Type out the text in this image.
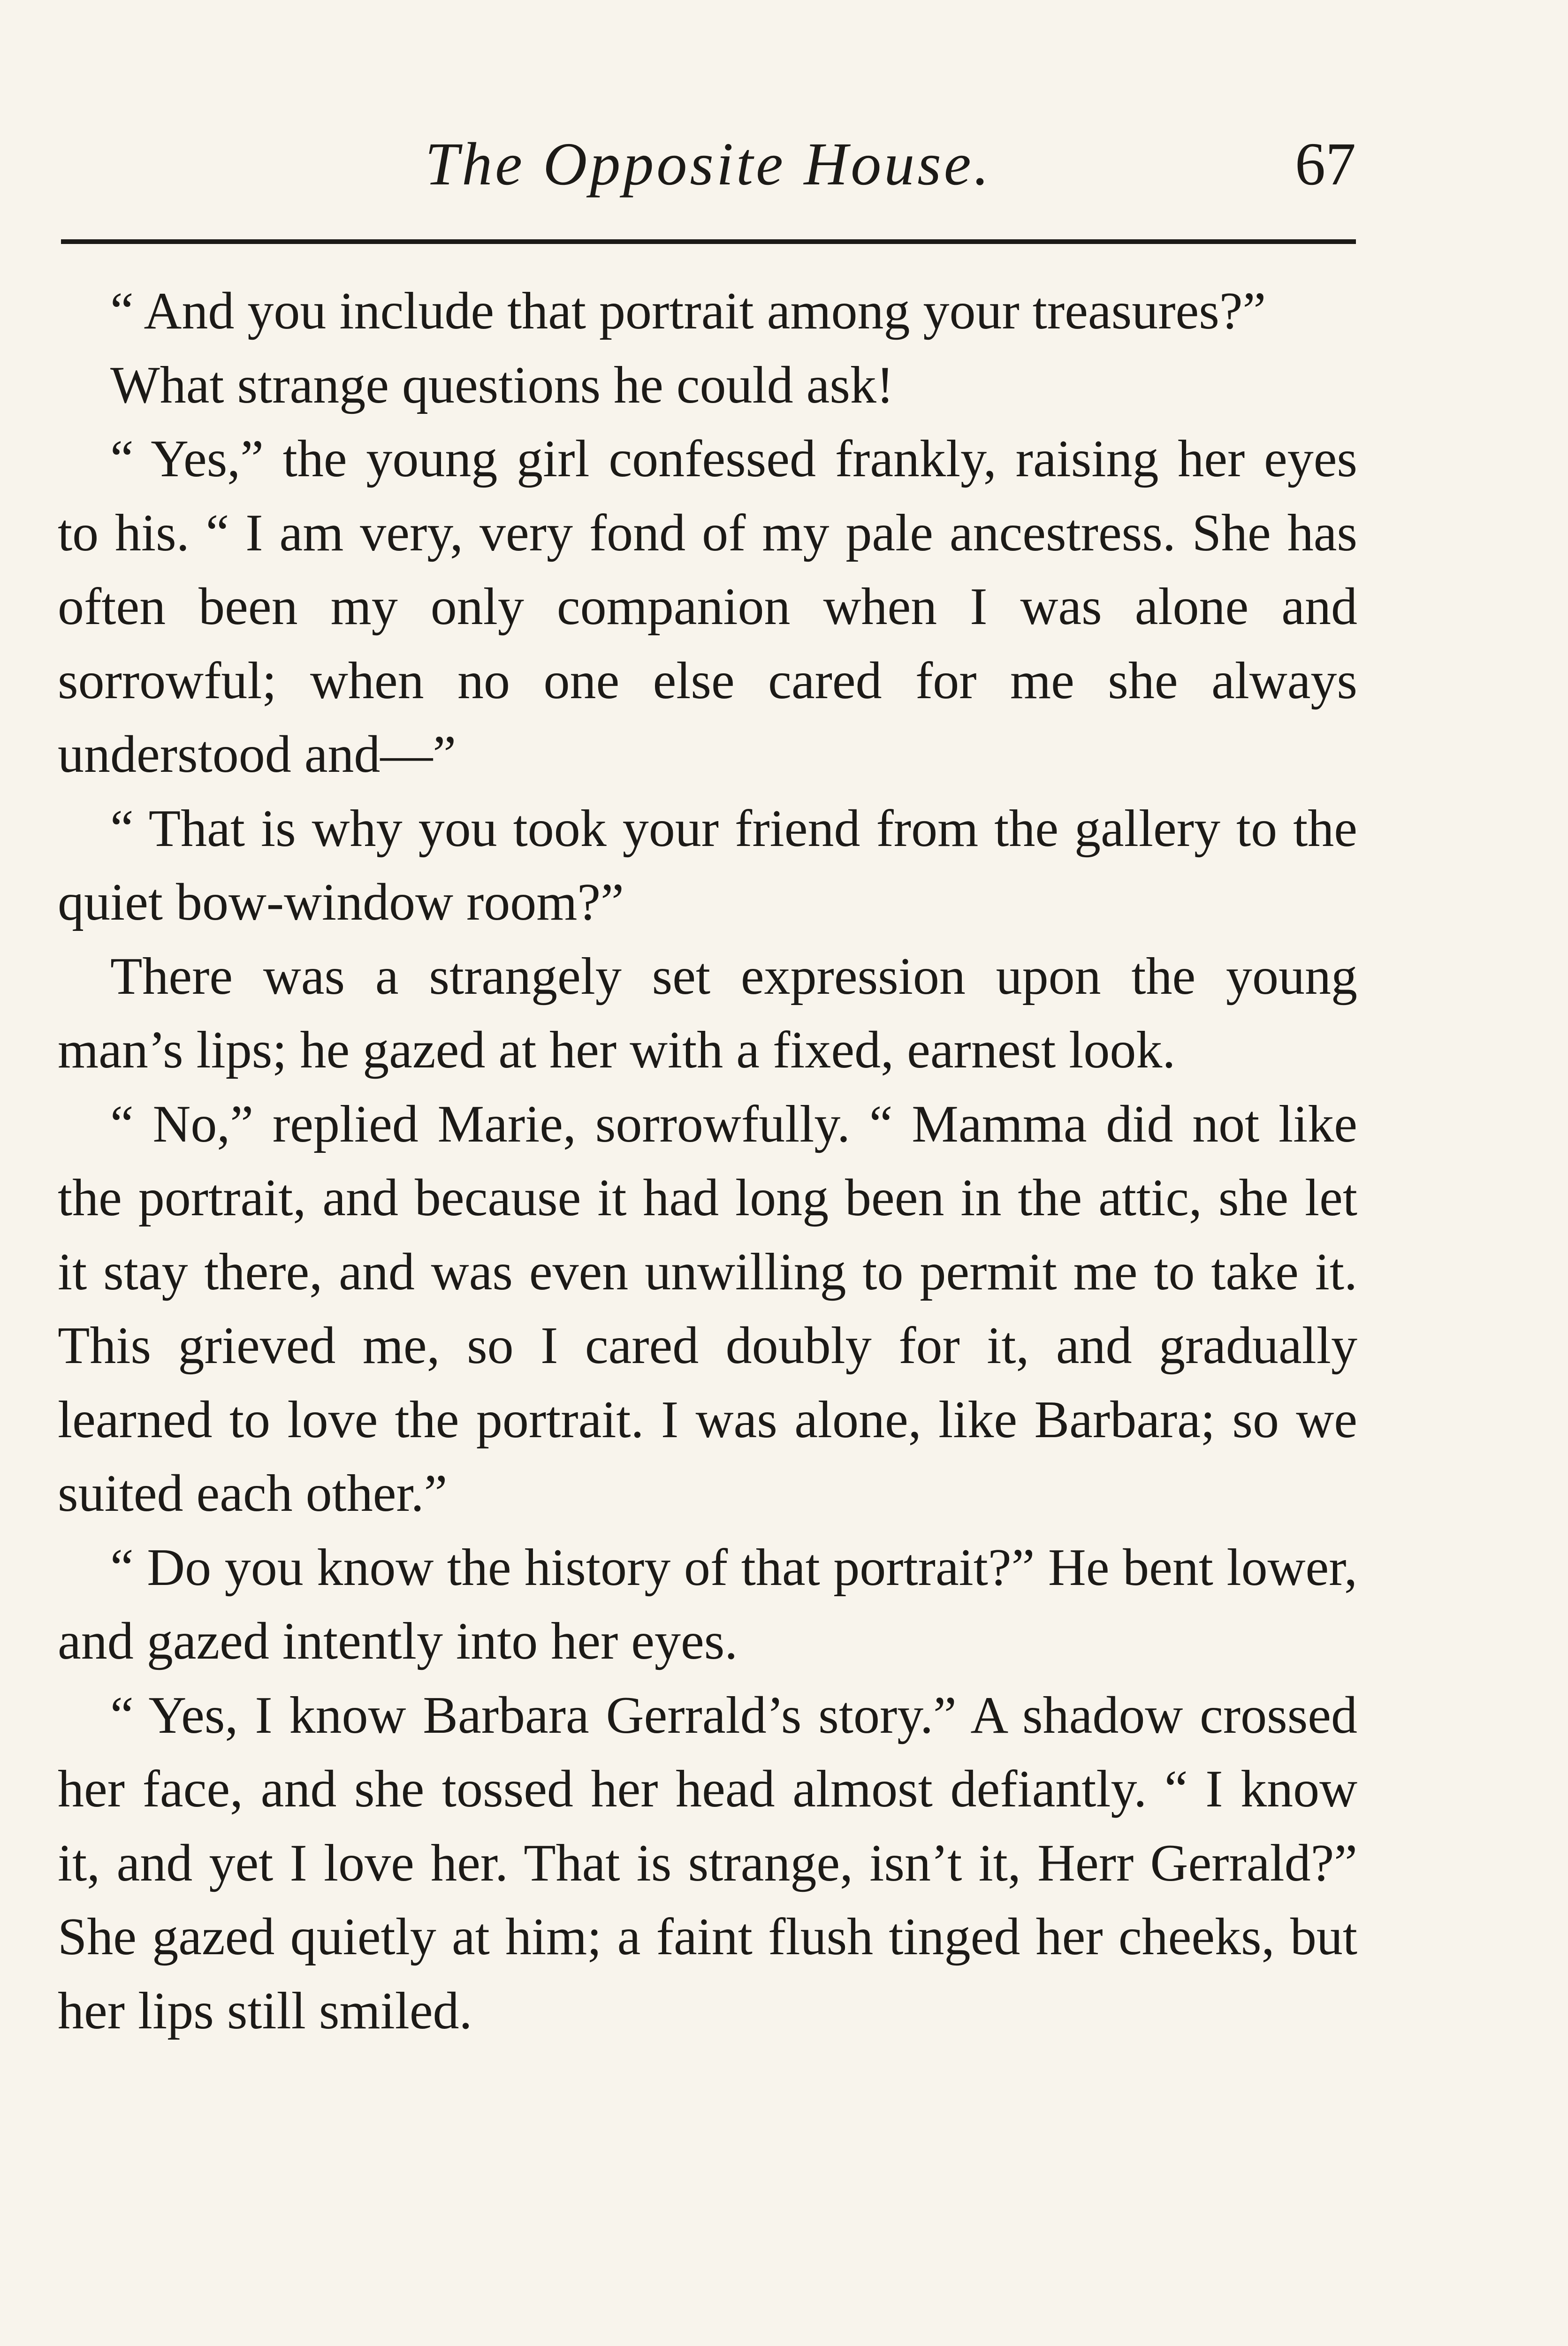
The Opposite House.	67

“ And you include that portrait among your treasures?”

What strange questions he could ask!

“ Yes,” the young girl confessed frankly, raising her eyes to his. “ I am very, very fond of my pale ancestress. She has often been my only companion when I was alone and sorrowful; when no one else cared for me she always understood and—”

“ That is why you took your friend from the gallery to the quiet bow-window room?”

There was a strangely set expression upon the young man’s lips; he gazed at her with a fixed, earnest look.

“ No,” replied Marie, sorrowfully. “ Mamma did not like the portrait, and because it had long been in the attic, she let it stay there, and was even unwilling to permit me to take it. This grieved me, so I cared doubly for it, and gradually learned to love the portrait. I was alone, like Barbara; so we suited each other.”

“ Do you know the history of that portrait?” He bent lower, and gazed intently into her eyes.

“ Yes, I know Barbara Gerrald’s story.” A shadow crossed her face, and she tossed her head almost defiantly. “ I know it, and yet I love her. That is strange, isn’t it, Herr Gerrald?” She gazed quietly at him; a faint flush tinged her cheeks, but her lips still smiled.
